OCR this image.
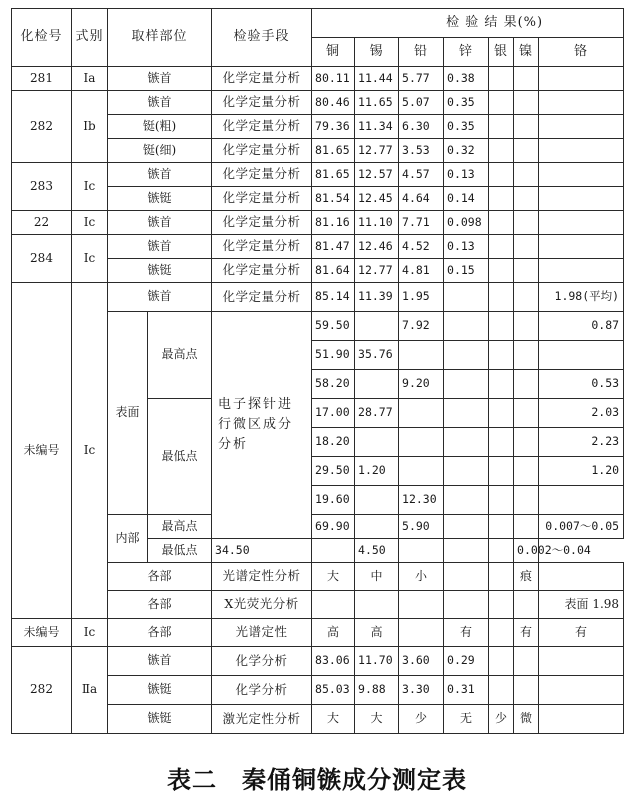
化检号	式别	取样部位		检验手段	检 验 结 果(%)						
					铜	锡	铅	锌	银	镍	铬
281	Ⅰa	镞首		化学定量分析	80.11	11.44	5.77	0.38			
282	Ⅰb	镞首		化学定量分析	80.46	11.65	5.07	0.35			
		铤(粗)		化学定量分析	79.36	11.34	6.30	0.35			
		铤(细)		化学定量分析	81.65	12.77	3.53	0.32			
283	Ⅰc	镞首		化学定量分析	81.65	12.57	4.57	0.13			
		镞铤		化学定量分析	81.54	12.45	4.64	0.14			
22	Ⅰc	镞首		化学定量分析	81.16	11.10	7.71	0.098			
284	Ⅰc	镞首		化学定量分析	81.47	12.46	4.52	0.13			
		镞铤		化学定量分析	81.64	12.77	4.81	0.15			
未编号	Ⅰc	镞首		化学定量分析	85.14	11.39	1.95				1.98(平均)
		表面	最高点	电子探针进行微区成分分析	59.50		7.92				0.87
					51.90	35.76					
					58.20		9.20				0.53
			最低点		17.00	28.77					2.03
					18.20						2.23
					29.50	1.20					1.20
					19.60		12.30				
		内部	最高点		69.90		5.90				0.007～0.05
			最低点	34.50		4.50				0.002～0.04	
		各部		光谱定性分析	大	中	小			痕	
		各部		X光荧光分析							表面 1.98
未编号	Ⅰc	各部		光谱定性	高	高		有		有	有
282	Ⅱa	镞首		化学分析	83.06	11.70	3.60	0.29			
		镞铤		化学分析	85.03	9.88	3.30	0.31			
		镞铤		激光定性分析	大	大	少	无	少	微	
表二　秦俑铜镞成分测定表
